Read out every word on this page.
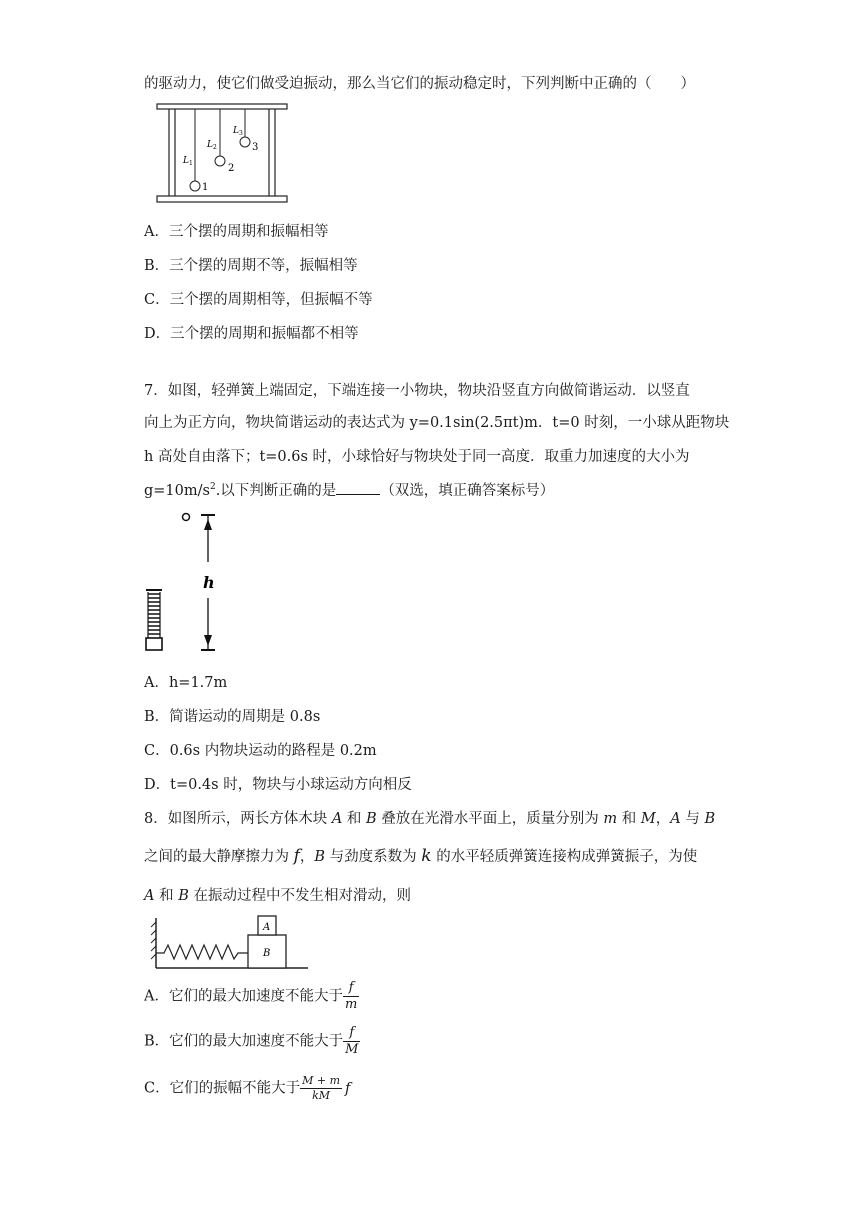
的驱动力，使它们做受迫振动，那么当它们的振动稳定时，下列判断中正确的（　　）
L 1
L 2
L 3
1
2
3
A．三个摆的周期和振幅相等
B．三个摆的周期不等，振幅相等
C．三个摆的周期相等，但振幅不等
D．三个摆的周期和振幅都不相等
7．如图，轻弹簧上端固定，下端连接一小物块，物块沿竖直方向做简谐运动．以竖直
向上为正方向，物块简谐运动的表达式为 y=0.1sin(2.5πt)m．t=0 时刻，一小球从距物块
h 高处自由落下；t=0.6s 时，小球恰好与物块处于同一高度．取重力加速度的大小为
$g=10m/s^2$.以下判断正确的是	（双选，填正确答案标号）
h
A．h=1.7m
B．简谐运动的周期是 0.8s
C．0.6s 内物块运动的路程是 0.2m
D．t=0.4s 时，物块与小球运动方向相反
8．如图所示，两长方体木块 A 和 B 叠放在光滑水平面上，质量分别为 m 和 M，A 与 B
之间的最大静摩擦力为 f，B 与劲度系数为 k 的水平轻质弹簧连接构成弹簧振子，为使
A 和 B 在振动过程中不发生相对滑动，则
A
B
A．它们的最大加速度不能大于 $\frac{f}{m}$
B．它们的最大加速度不能大于 $\frac{f}{M}$
C．它们的振幅不能大于 $\frac{M + m}{kM}$ f
